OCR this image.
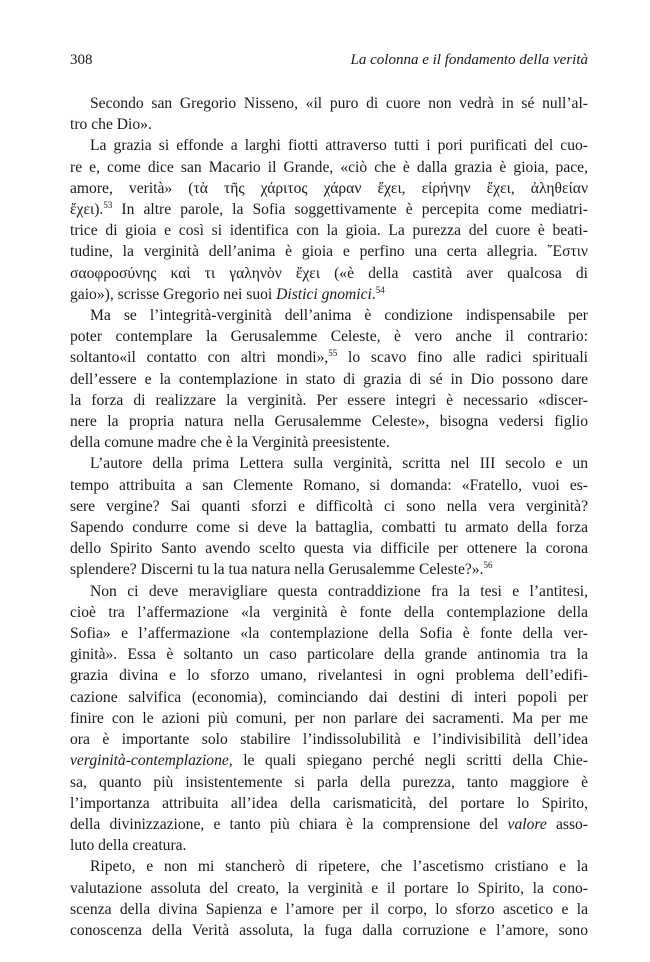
308	La colonna e il fondamento della verità

Secondo san Gregorio Nisseno, «il puro di cuore non vedrà in sé null’al-
tro che Dio».

La grazia si effonde a larghi fiotti attraverso tutti i pori purificati del cuo-
re e, come dice san Macario il Grande, «ciò che è dalla grazia è gioia, pace,
amore, verità» (τὰ τῆς χάριτος χάραν ἔχει, εἰρήνην ἔχει, ἀληθείαν
ἔχει).$^{53}$ In altre parole, la Sofia soggettivamente è percepita come mediatri-
trice di gioia e così si identifica con la gioia. La purezza del cuore è beati-
tudine, la verginità dell’anima è gioia e perfino una certa allegria. ῎Εστιν
σαοφροσύνης καὶ τι γαληνὸν ἔχει («è della castità aver qualcosa di
gaio»), scrisse Gregorio nei suoi Distici gnomici.$^{54}$

Ma se l’integrità-verginità dell’anima è condizione indispensabile per
poter contemplare la Gerusalemme Celeste, è vero anche il contrario:
soltanto«il contatto con altri mondi»,$^{55}$ lo scavo fino alle radici spirituali
dell’essere e la contemplazione in stato di grazia di sé in Dio possono dare
la forza di realizzare la verginità. Per essere integri è necessario «discer-
nere la propria natura nella Gerusalemme Celeste», bisogna vedersi figlio
della comune madre che è la Verginità preesistente.

L’autore della prima Lettera sulla verginità, scritta nel III secolo e un
tempo attribuita a san Clemente Romano, si domanda: «Fratello, vuoi es-
sere vergine? Sai quanti sforzi e difficoltà ci sono nella vera verginità?
Sapendo condurre come si deve la battaglia, combatti tu armato della forza
dello Spirito Santo avendo scelto questa via difficile per ottenere la corona
splendere? Discerni tu la tua natura nella Gerusalemme Celeste?».$^{56}$

Non ci deve meravigliare questa contraddizione fra la tesi e l’antitesi,
cioè tra l’affermazione «la verginità è fonte della contemplazione della
Sofia» e l’affermazione «la contemplazione della Sofia è fonte della ver-
ginità». Essa è soltanto un caso particolare della grande antinomia tra la
grazia divina e lo sforzo umano, rivelantesi in ogni problema dell’edifi-
cazione salvifica (economia), cominciando dai destini di interi popoli per
finire con le azioni più comuni, per non parlare dei sacramenti. Ma per me
ora è importante solo stabilire l’indissolubilità e l’indivisibilità dell’idea
verginità-contemplazione, le quali spiegano perché negli scritti della Chie-
sa, quanto più insistentemente si parla della purezza, tanto maggiore è
l’importanza attribuita all’idea della carismaticità, del portare lo Spirito,
della divinizzazione, e tanto più chiara è la comprensione del valore asso-
luto della creatura.

Ripeto, e non mi stancherò di ripetere, che l’ascetismo cristiano e la
valutazione assoluta del creato, la verginità e il portare lo Spirito, la cono-
scenza della divina Sapienza e l’amore per il corpo, lo sforzo ascetico e la
conoscenza della Verità assoluta, la fuga dalla corruzione e l’amore, sono
